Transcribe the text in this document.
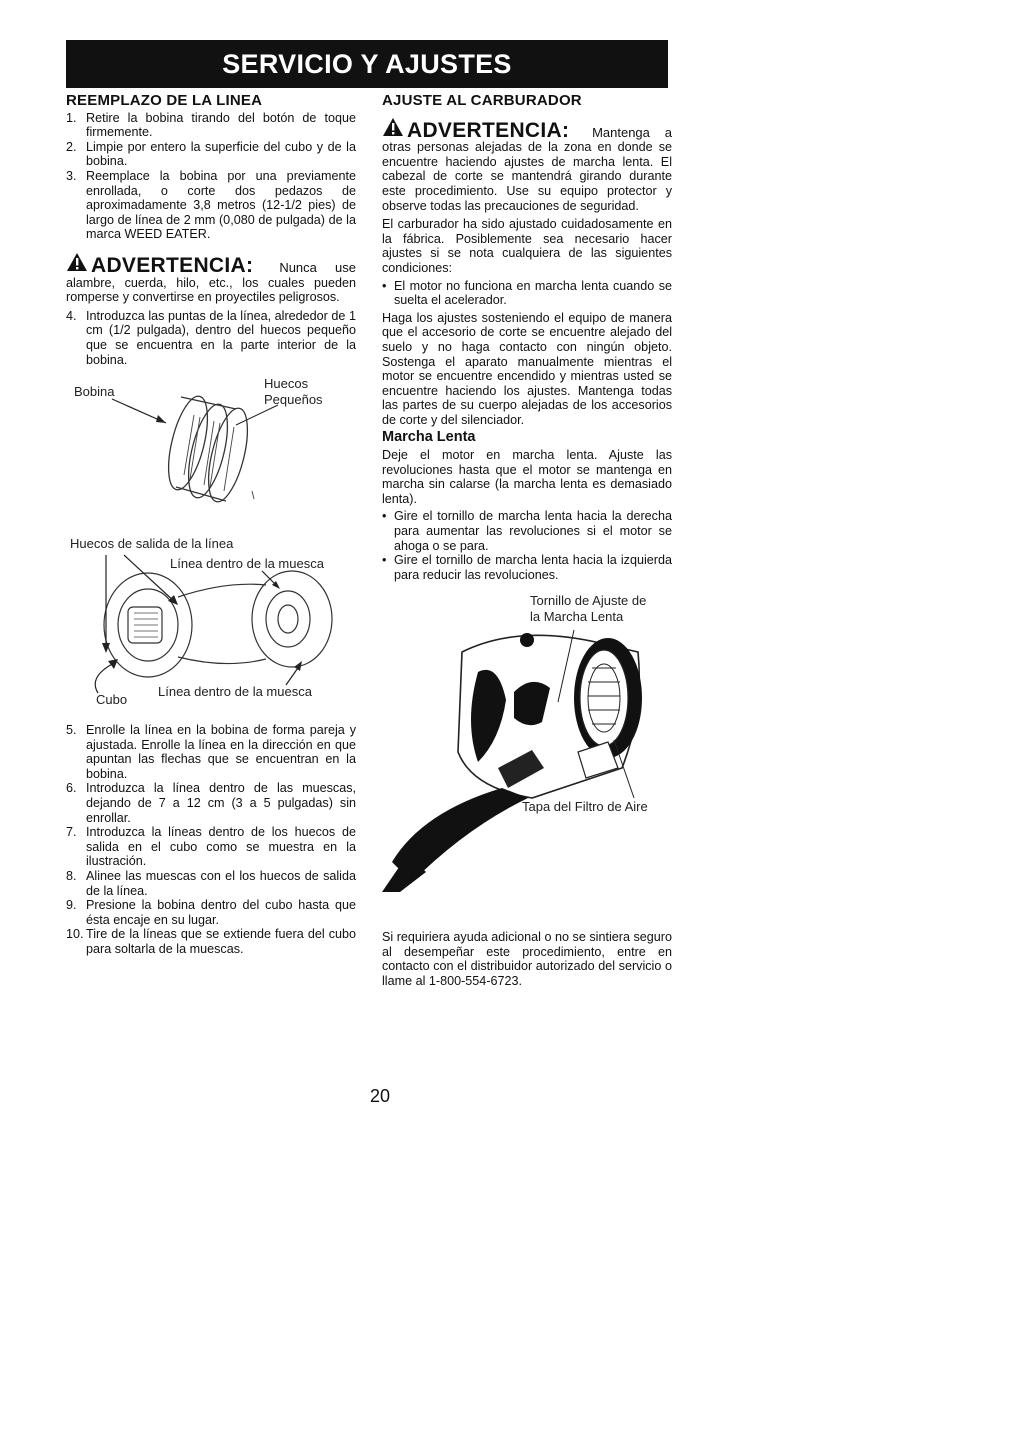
SERVICIO Y AJUSTES
REEMPLAZO DE LA LINEA
1. Retire la bobina tirando del botón de toque firmemente.
2. Limpie por entero la superficie del cubo y de la bobina.
3. Reemplace la bobina por una previamente enrollada, o corte dos pedazos de aproximadamente 3,8 metros (12-1/2 pies) de largo de línea de 2 mm (0,080 de pulgada) de la marca WEED EATER.
ADVERTENCIA: Nunca use alambre, cuerda, hilo, etc., los cuales pueden romperse y convertirse en proyectiles peligrosos.
4. Introduzca las puntas de la línea, alrededor de 1 cm (1/2 pulgada), dentro del huecos pequeño que se encuentra en la parte interior de la bobina.
Bobina
Huecos
Pequeños
Huecos de salida de la línea
Línea dentro de la muesca
Línea dentro de la muesca
Cubo
5. Enrolle la línea en la bobina de forma pareja y ajustada. Enrolle la línea en la dirección en que apuntan las flechas que se encuentran en la bobina.
6. Introduzca la línea dentro de las muescas, dejando de 7 a 12 cm (3 a 5 pulgadas) sin enrollar.
7. Introduzca la líneas dentro de los huecos de salida en el cubo como se muestra en la ilustración.
8. Alinee las muescas con el los huecos de salida de la línea.
9. Presione la bobina dentro del cubo hasta que ésta encaje en su lugar.
10. Tire de la líneas que se extiende fuera del cubo para soltarla de la muescas.
AJUSTE AL CARBURADOR
ADVERTENCIA: Mantenga a otras personas alejadas de la zona en donde se encuentre haciendo ajustes de marcha lenta. El cabezal de corte se mantendrá girando durante este procedimiento. Use su equipo protector y observe todas las precauciones de seguridad.

El carburador ha sido ajustado cuidadosamente en la fábrica. Posiblemente sea necesario hacer ajustes si se nota cualquiera de las siguientes condiciones:

• El motor no funciona en marcha lenta cuando se suelta el acelerador.

Haga los ajustes sosteniendo el equipo de manera que el accesorio de corte se encuentre alejado del suelo y no haga contacto con ningún objeto. Sostenga el aparato manualmente mientras el motor se encuentre encendido y mientras usted se encuentre haciendo los ajustes. Mantenga todas las partes de su cuerpo alejadas de los accesorios de corte y del silenciador.

Marcha Lenta

Deje el motor en marcha lenta. Ajuste las revoluciones hasta que el motor se mantenga en marcha sin calarse (la marcha lenta es demasiado lenta).

• Gire el tornillo de marcha lenta hacia la derecha para aumentar las revoluciones si el motor se ahoga o se para.
• Gire el tornillo de marcha lenta hacia la izquierda para reducir las revoluciones.
Tornillo de Ajuste de
la Marcha Lenta
Tapa del Filtro de Aire
Si requiriera ayuda adicional o no se sintiera seguro al desempeñar este procedimiento, entre en contacto con el distribuidor autorizado del servicio o llame al 1-800-554-6723.
20
